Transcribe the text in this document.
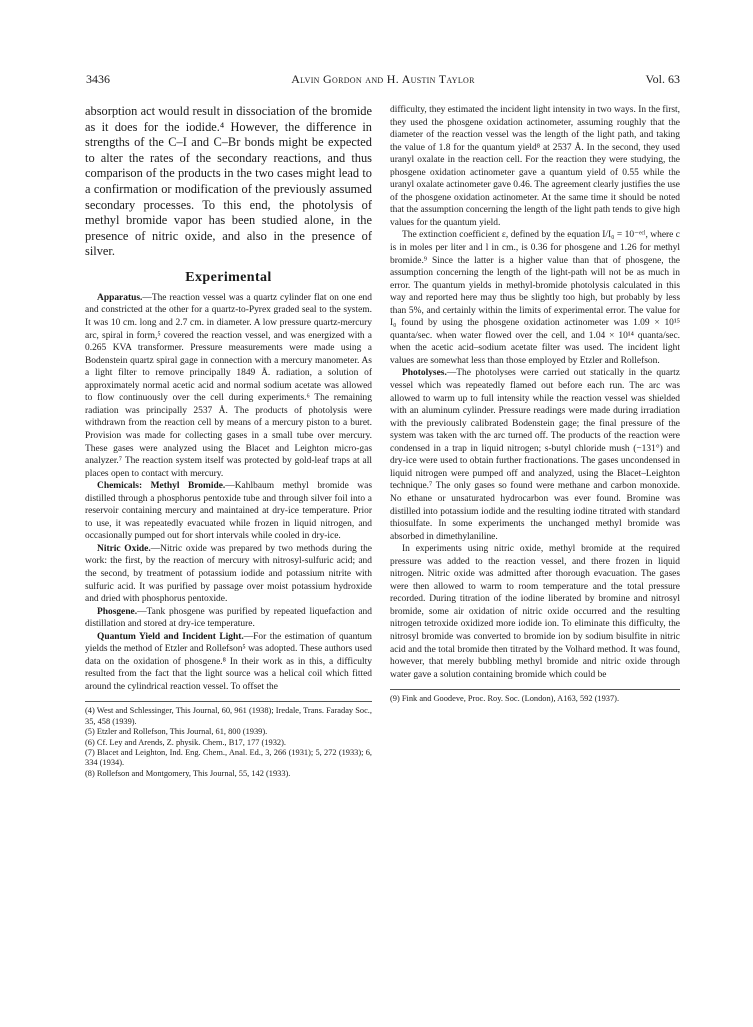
3436	Alvin Gordon and H. Austin Taylor	Vol. 63

absorption act would result in dissociation of the bromide as it does for the iodide.⁴ However, the difference in strengths of the C–I and C–Br bonds might be expected to alter the rates of the secondary reactions, and thus comparison of the products in the two cases might lead to a confirmation or modification of the previously assumed secondary processes. To this end, the photolysis of methyl bromide vapor has been studied alone, in the presence of nitric oxide, and also in the presence of silver.

Experimental

Apparatus.—The reaction vessel was a quartz cylinder flat on one end and constricted at the other for a quartz-to-Pyrex graded seal to the system. It was 10 cm. long and 2.7 cm. in diameter. A low pressure quartz-mercury arc, spiral in form,⁵ covered the reaction vessel, and was energized with a 0.265 KVA transformer. Pressure measurements were made using a Bodenstein quartz spiral gage in connection with a mercury manometer. As a light filter to remove principally 1849 Å. radiation, a solution of approximately normal acetic acid and normal sodium acetate was allowed to flow continuously over the cell during experiments.⁶ The remaining radiation was principally 2537 Å. The products of photolysis were withdrawn from the reaction cell by means of a mercury piston to a buret. Provision was made for collecting gases in a small tube over mercury. These gases were analyzed using the Blacet and Leighton micro-gas analyzer.⁷ The reaction system itself was protected by gold-leaf traps at all places open to contact with mercury.

Chemicals: Methyl Bromide.—Kahlbaum methyl bromide was distilled through a phosphorus pentoxide tube and through silver foil into a reservoir containing mercury and maintained at dry-ice temperature. Prior to use, it was repeatedly evacuated while frozen in liquid nitrogen, and occasionally pumped out for short intervals while cooled in dry-ice.

Nitric Oxide.—Nitric oxide was prepared by two methods during the work: the first, by the reaction of mercury with nitrosyl-sulfuric acid; and the second, by treatment of potassium iodide and potassium nitrite with sulfuric acid. It was purified by passage over moist potassium hydroxide and dried with phosphorus pentoxide.

Phosgene.—Tank phosgene was purified by repeated liquefaction and distillation and stored at dry-ice temperature.

Quantum Yield and Incident Light.—For the estimation of quantum yields the method of Etzler and Rollefson⁵ was adopted. These authors used data on the oxidation of phosgene.⁸ In their work as in this, a difficulty resulted from the fact that the light source was a helical coil which fitted around the cylindrical reaction vessel. To offset the

(4) West and Schlessinger, This Journal, 60, 961 (1938); Iredale, Trans. Faraday Soc., 35, 458 (1939).

(5) Etzler and Rollefson, This Journal, 61, 800 (1939).

(6) Cf. Ley and Arends, Z. physik. Chem., B17, 177 (1932).

(7) Blacet and Leighton, Ind. Eng. Chem., Anal. Ed., 3, 266 (1931); 5, 272 (1933); 6, 334 (1934).

(8) Rollefson and Montgomery, This Journal, 55, 142 (1933).

difficulty, they estimated the incident light intensity in two ways. In the first, they used the phosgene oxidation actinometer, assuming roughly that the diameter of the reaction vessel was the length of the light path, and taking the value of 1.8 for the quantum yield⁸ at 2537 Å. In the second, they used uranyl oxalate in the reaction cell. For the reaction they were studying, the phosgene oxidation actinometer gave a quantum yield of 0.55 while the uranyl oxalate actinometer gave 0.46. The agreement clearly justifies the use of the phosgene oxidation actinometer. At the same time it should be noted that the assumption concerning the length of the light path tends to give high values for the quantum yield.

The extinction coefficient ε, defined by the equation I/I₀ = 10⁻ᵉᶜˡ, where c is in moles per liter and l in cm., is 0.36 for phosgene and 1.26 for methyl bromide.⁹ Since the latter is a higher value than that of phosgene, the assumption concerning the length of the light-path will not be as much in error. The quantum yields in methyl-bromide photolysis calculated in this way and reported here may thus be slightly too high, but probably by less than 5%, and certainly within the limits of experimental error. The value for I₀ found by using the phosgene oxidation actinometer was 1.09 × 10¹⁵ quanta/sec. when water flowed over the cell, and 1.04 × 10¹⁴ quanta/sec. when the acetic acid–sodium acetate filter was used. The incident light values are somewhat less than those employed by Etzler and Rollefson.

Photolyses.—The photolyses were carried out statically in the quartz vessel which was repeatedly flamed out before each run. The arc was allowed to warm up to full intensity while the reaction vessel was shielded with an aluminum cylinder. Pressure readings were made during irradiation with the previously calibrated Bodenstein gage; the final pressure of the system was taken with the arc turned off. The products of the reaction were condensed in a trap in liquid nitrogen; s-butyl chloride mush (−131°) and dry-ice were used to obtain further fractionations. The gases uncondensed in liquid nitrogen were pumped off and analyzed, using the Blacet–Leighton technique.⁷ The only gases so found were methane and carbon monoxide. No ethane or unsaturated hydrocarbon was ever found. Bromine was distilled into potassium iodide and the resulting iodine titrated with standard thiosulfate. In some experiments the unchanged methyl bromide was absorbed in dimethylaniline.

In experiments using nitric oxide, methyl bromide at the required pressure was added to the reaction vessel, and there frozen in liquid nitrogen. Nitric oxide was admitted after thorough evacuation. The gases were then allowed to warm to room temperature and the total pressure recorded. During titration of the iodine liberated by bromine and nitrosyl bromide, some air oxidation of nitric oxide occurred and the resulting nitrogen tetroxide oxidized more iodide ion. To eliminate this difficulty, the nitrosyl bromide was converted to bromide ion by sodium bisulfite in nitric acid and the total bromide then titrated by the Volhard method. It was found, however, that merely bubbling methyl bromide and nitric oxide through water gave a solution containing bromide which could be

(9) Fink and Goodeve, Proc. Roy. Soc. (London), A163, 592 (1937).
